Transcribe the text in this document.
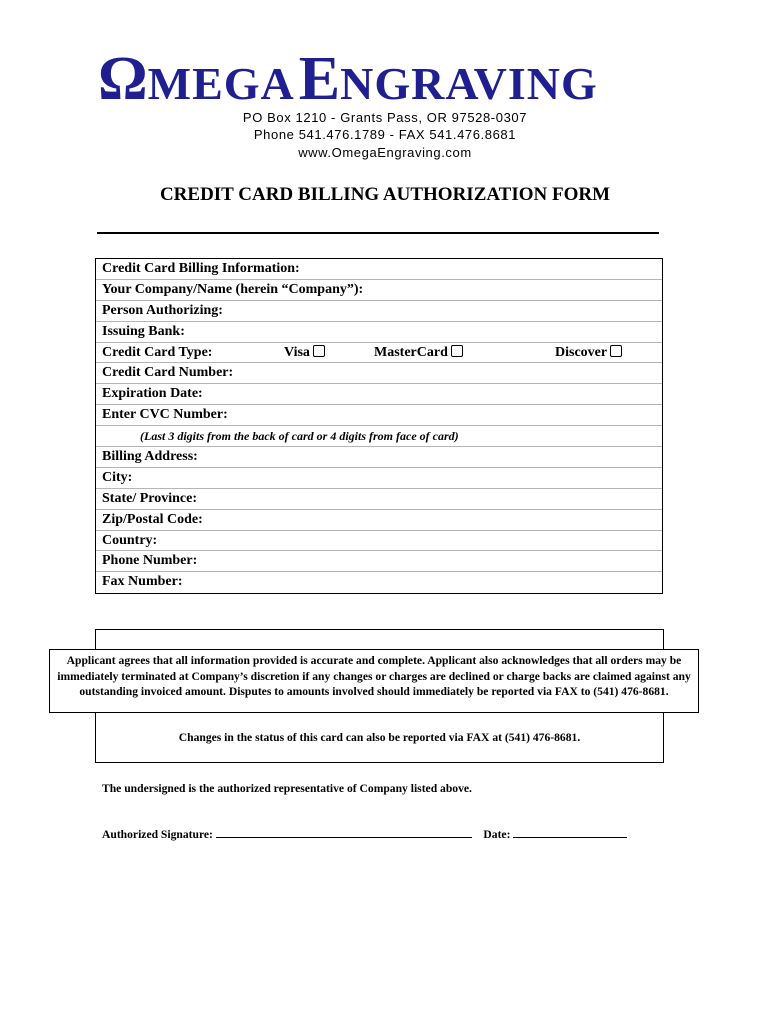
ΩMEGA ENGRAVING
PO Box 1210 - Grants Pass, OR 97528-0307
Phone 541.476.1789 - FAX 541.476.8681
www.OmegaEngraving.com
CREDIT CARD BILLING AUTHORIZATION FORM
Credit Card Billing Information:
Your Company/Name (herein “Company”):
Person Authorizing:
Issuing Bank:
Credit Card Type:	Visa	MasterCard	Discover
Credit Card Number:
Expiration Date:
Enter CVC Number:
(Last 3 digits from the back of card or 4 digits from face of card)
Billing Address:
City:
State/ Province:
Zip/Postal Code:
Country:
Phone Number:
Fax Number:
Applicant agrees that all information provided is accurate and complete. Applicant also acknowledges that all orders may be immediately terminated at Company’s discretion if any changes or charges are declined or charge backs are claimed against any outstanding invoiced amount. Disputes to amounts involved should immediately be reported via FAX to (541) 476-8681.
Changes in the status of this card can also be reported via FAX at (541) 476-8681.
The undersigned is the authorized representative of Company listed above.
Authorized Signature:	Date:
